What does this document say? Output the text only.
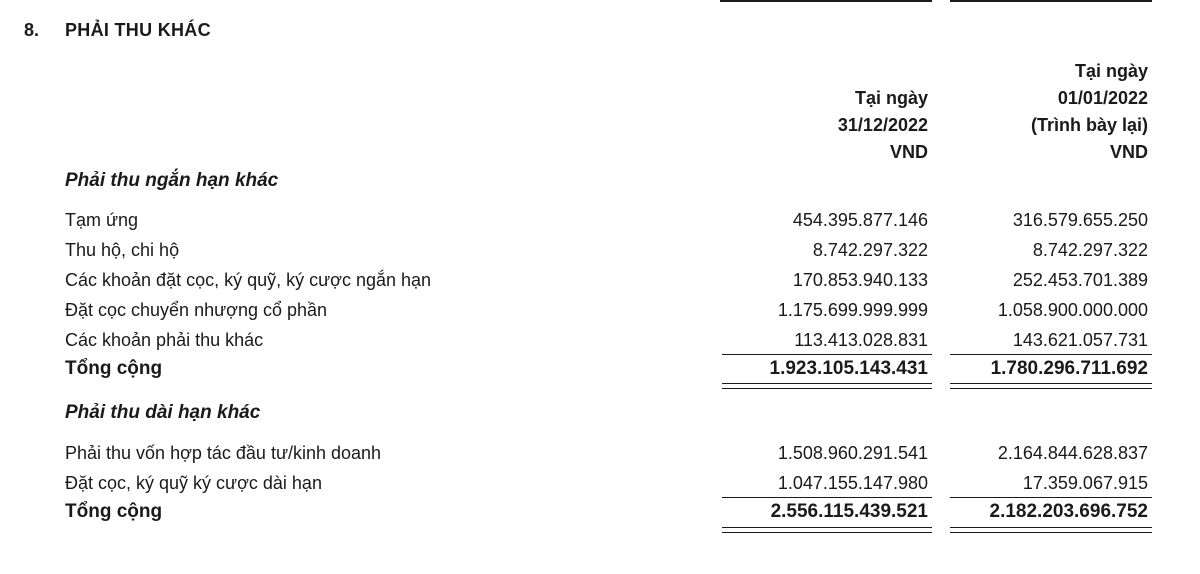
8. PHẢI THU KHÁC
Tại ngày
31/12/2022
VND
Tại ngày
01/01/2022
(Trình bày lại)
VND
Phải thu ngắn hạn khác
Tạm ứng	454.395.877.146	316.579.655.250
Thu hộ, chi hộ	8.742.297.322	8.742.297.322
Các khoản đặt cọc, ký quỹ, ký cược ngắn hạn	170.853.940.133	252.453.701.389
Đặt cọc chuyển nhượng cổ phần	1.175.699.999.999	1.058.900.000.000
Các khoản phải thu khác	113.413.028.831	143.621.057.731
Tổng cộng	1.923.105.143.431	1.780.296.711.692
Phải thu dài hạn khác
Phải thu vốn hợp tác đầu tư/kinh doanh	1.508.960.291.541	2.164.844.628.837
Đặt cọc, ký quỹ ký cược dài hạn	1.047.155.147.980	17.359.067.915
Tổng cộng	2.556.115.439.521	2.182.203.696.752
